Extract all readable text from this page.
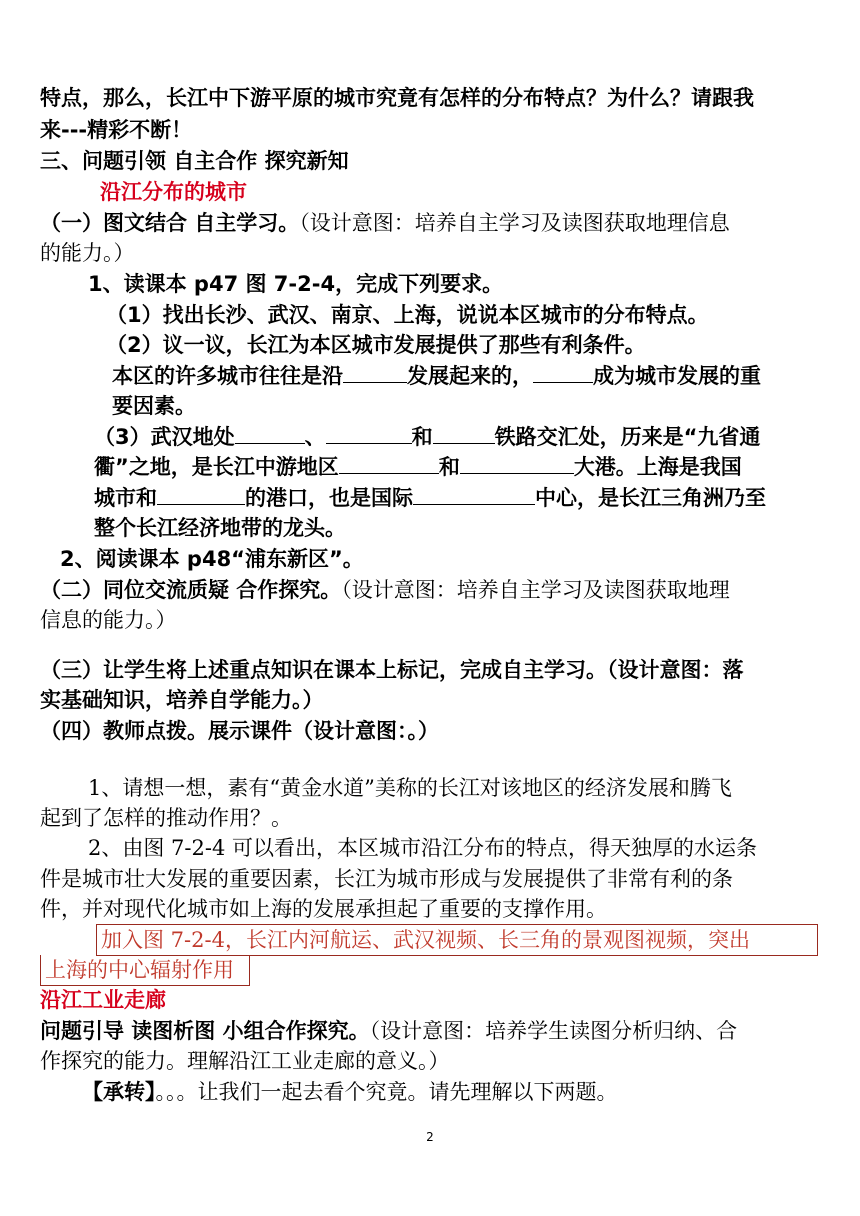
特点，那么，长江中下游平原的城市究竟有怎样的分布特点？为什么？请跟我
来---精彩不断！
三、问题引领 自主合作 探究新知
沿江分布的城市
（一）图文结合 自主学习。（设计意图：培养自主学习及读图获取地理信息
的能力。）
1、读课本 p47 图 7-2-4，完成下列要求。
（1）找出长沙、武汉、南京、上海，说说本区城市的分布特点。
（2）议一议，长江为本区城市发展提供了那些有利条件。
本区的许多城市往往是沿	发展起来的，	成为城市发展的重
要因素。
（3）武汉地处	、	和	铁路交汇处，历来是“九省通
衢”之地，是长江中游地区	和	大港。上海是我国
城市和	的港口，也是国际	中心，是长江三角洲乃至
整个长江经济地带的龙头。
2、阅读课本 p48“浦东新区”。
（二）同位交流质疑 合作探究。（设计意图：培养自主学习及读图获取地理
信息的能力。）
（三）让学生将上述重点知识在课本上标记，完成自主学习。（设计意图：落
实基础知识，培养自学能力。）
（四）教师点拨。展示课件（设计意图：。）
1、请想一想，素有“黄金水道”美称的长江对该地区的经济发展和腾飞
起到了怎样的推动作用？。
2、由图 7-2-4 可以看出，本区城市沿江分布的特点，得天独厚的水运条
件是城市壮大发展的重要因素，长江为城市形成与发展提供了非常有利的条
件，并对现代化城市如上海的发展承担起了重要的支撑作用。
加入图 7-2-4，长江内河航运、武汉视频、长三角的景观图视频，突出
上海的中心辐射作用
沿江工业走廊
问题引导 读图析图 小组合作探究。（设计意图：培养学生读图分析归纳、合
作探究的能力。理解沿江工业走廊的意义。）
【承转】。。。让我们一起去看个究竟。请先理解以下两题。
2
